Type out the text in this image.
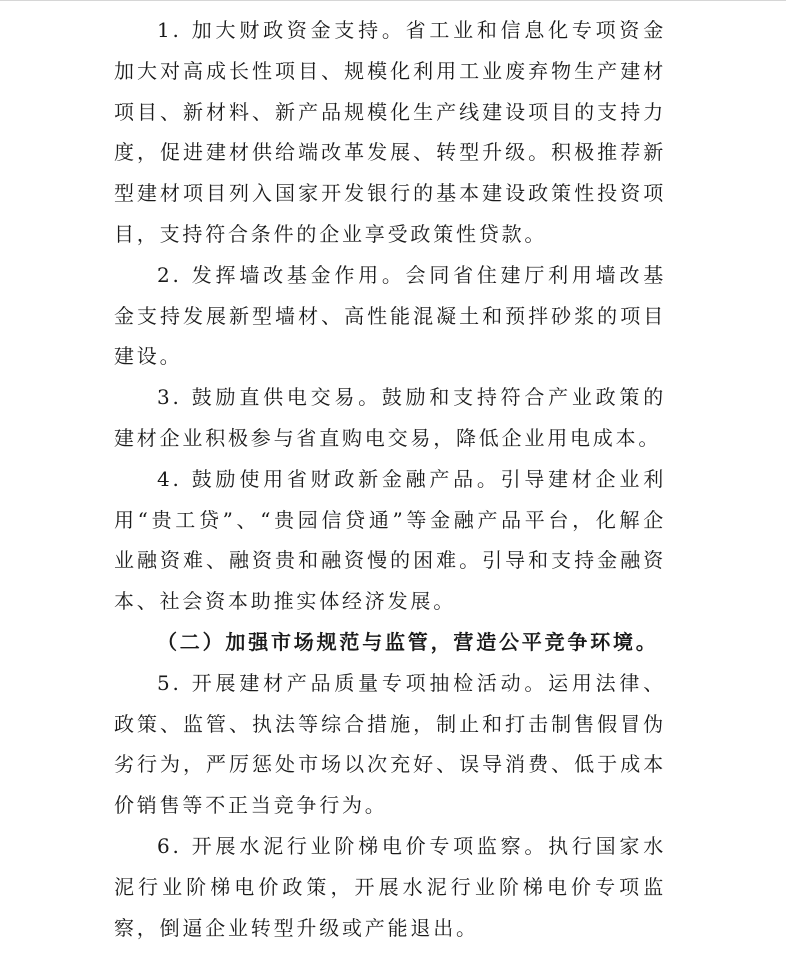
1. 加大财政资金支持。省工业和信息化专项资金加大对高成长性项目、规模化利用工业废弃物生产建材项目、新材料、新产品规模化生产线建设项目的支持力度，促进建材供给端改革发展、转型升级。积极推荐新型建材项目列入国家开发银行的基本建设政策性投资项目，支持符合条件的企业享受政策性贷款。

2. 发挥墙改基金作用。会同省住建厅利用墙改基金支持发展新型墙材、高性能混凝土和预拌砂浆的项目建设。

3. 鼓励直供电交易。鼓励和支持符合产业政策的建材企业积极参与省直购电交易，降低企业用电成本。

4. 鼓励使用省财政新金融产品。引导建材企业利用“贵工贷”、“贵园信贷通”等金融产品平台，化解企业融资难、融资贵和融资慢的困难。引导和支持金融资本、社会资本助推实体经济发展。

（二）加强市场规范与监管，营造公平竞争环境。

5. 开展建材产品质量专项抽检活动。运用法律、政策、监管、执法等综合措施，制止和打击制售假冒伪劣行为，严厉惩处市场以次充好、误导消费、低于成本价销售等不正当竞争行为。

6. 开展水泥行业阶梯电价专项监察。执行国家水泥行业阶梯电价政策，开展水泥行业阶梯电价专项监察，倒逼企业转型升级或产能退出。
